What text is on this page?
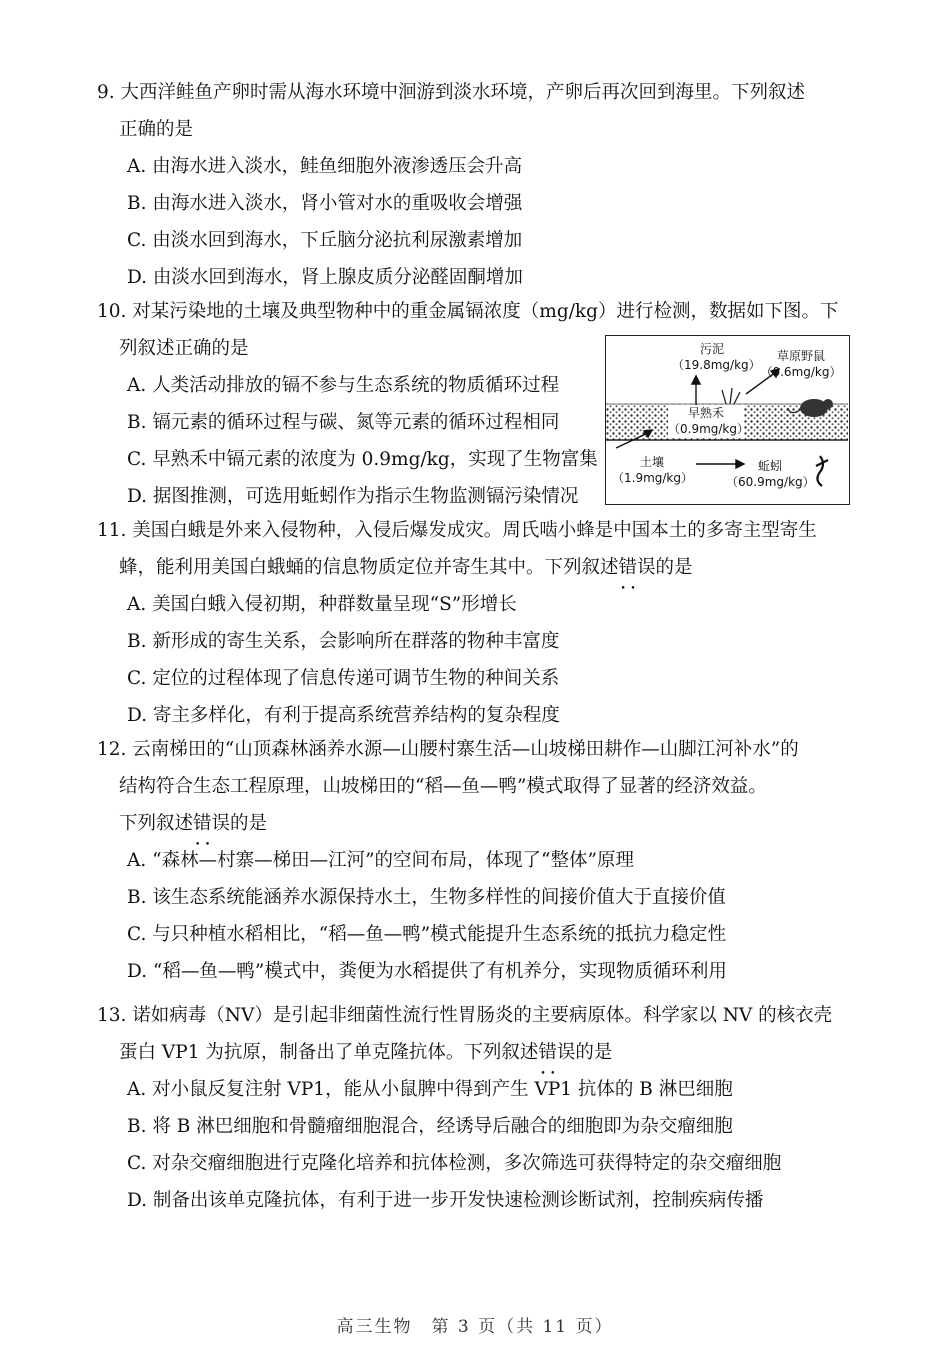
9. 大西洋鲑鱼产卵时需从海水环境中洄游到淡水环境，产卵后再次回到海里。下列叙述
正确的是
A. 由海水进入淡水，鲑鱼细胞外液渗透压会升高
B. 由海水进入淡水，肾小管对水的重吸收会增强
C. 由淡水回到海水，下丘脑分泌抗利尿激素增加
D. 由淡水回到海水，肾上腺皮质分泌醛固酮增加
10. 对某污染地的土壤及典型物种中的重金属镉浓度（mg/kg）进行检测，数据如下图。下
列叙述正确的是
A. 人类活动排放的镉不参与生态系统的物质循环过程
B. 镉元素的循环过程与碳、氮等元素的循环过程相同
C. 早熟禾中镉元素的浓度为 0.9mg/kg，实现了生物富集
D. 据图推测，可选用蚯蚓作为指示生物监测镉污染情况
污泥
（19.8mg/kg）
草原野鼠
（0.6mg/kg）
早熟禾
（0.9mg/kg）
土壤
（1.9mg/kg）
蚯蚓
（60.9mg/kg）
11. 美国白蛾是外来入侵物种，入侵后爆发成灾。周氏啮小蜂是中国本土的多寄主型寄生
蜂，能利用美国白蛾蛹的信息物质定位并寄生其中。下列叙述错误 • •的是
A. 美国白蛾入侵初期，种群数量呈现“S”形增长
B. 新形成的寄生关系，会影响所在群落的物种丰富度
C. 定位的过程体现了信息传递可调节生物的种间关系
D. 寄主多样化，有利于提高系统营养结构的复杂程度
12. 云南梯田的“山顶森林涵养水源—山腰村寨生活—山坡梯田耕作—山脚江河补水”的
结构符合生态工程原理，山坡梯田的“稻—鱼—鸭”模式取得了显著的经济效益。
下列叙述错误 • •的是
A. “森林—村寨—梯田—江河”的空间布局，体现了“整体”原理
B. 该生态系统能涵养水源保持水土，生物多样性的间接价值大于直接价值
C. 与只种植水稻相比，“稻—鱼—鸭”模式能提升生态系统的抵抗力稳定性
D. “稻—鱼—鸭”模式中，粪便为水稻提供了有机养分，实现物质循环利用
13. 诺如病毒（NV）是引起非细菌性流行性胃肠炎的主要病原体。科学家以 NV 的核衣壳
蛋白 VP1 为抗原，制备出了单克隆抗体。下列叙述错误 • •的是
A. 对小鼠反复注射 VP1，能从小鼠脾中得到产生 VP1 抗体的 B 淋巴细胞
B. 将 B 淋巴细胞和骨髓瘤细胞混合，经诱导后融合的细胞即为杂交瘤细胞
C. 对杂交瘤细胞进行克隆化培养和抗体检测，多次筛选可获得特定的杂交瘤细胞
D. 制备出该单克隆抗体，有利于进一步开发快速检测诊断试剂，控制疾病传播
高三生物　第 3 页（共 11 页）
